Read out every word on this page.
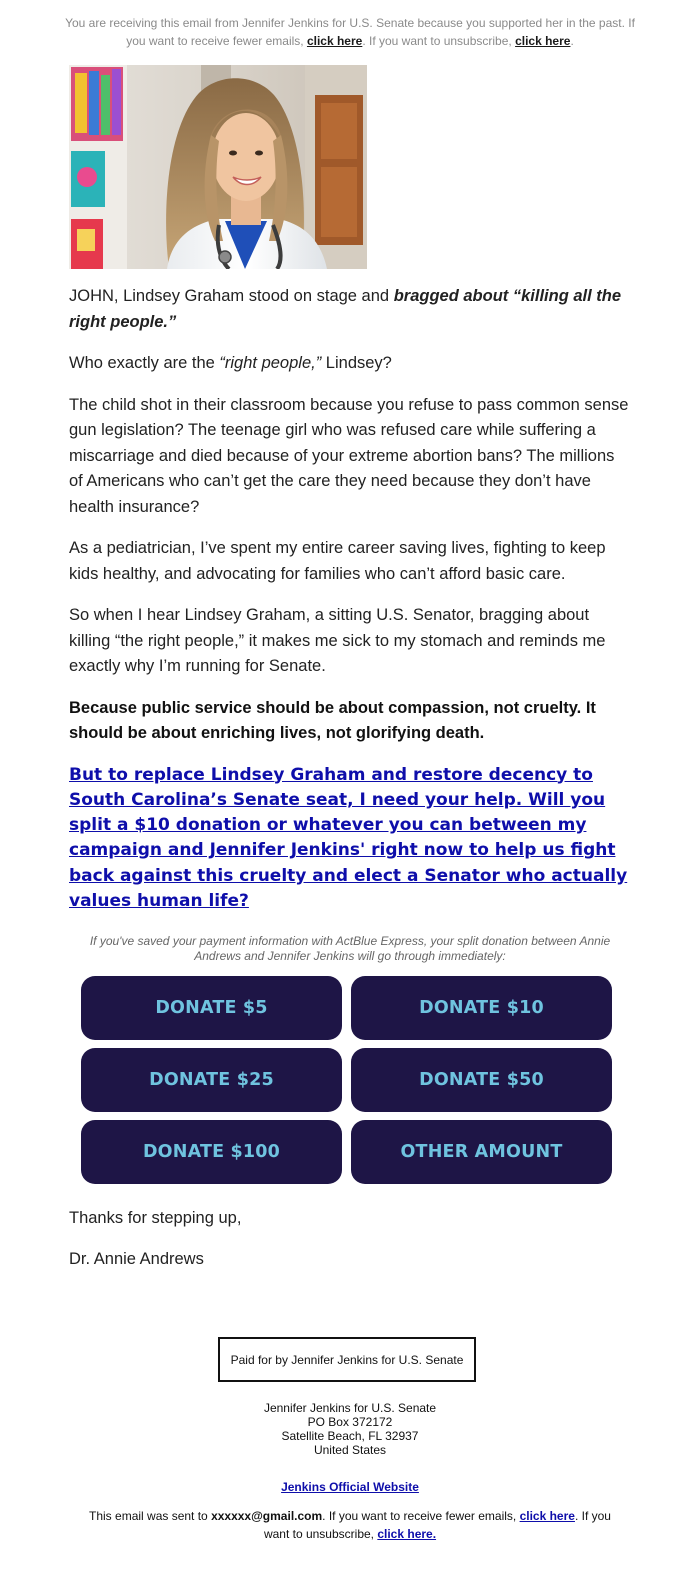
You are receiving this email from Jennifer Jenkins for U.S. Senate because you supported her in the past. If you want to receive fewer emails, click here. If you want to unsubscribe, click here.

JOHN, Lindsey Graham stood on stage and bragged about “killing all the right people.”

Who exactly are the “right people,” Lindsey?

The child shot in their classroom because you refuse to pass common sense gun legislation? The teenage girl who was refused care while suffering a miscarriage and died because of your extreme abortion bans? The millions of Americans who can’t get the care they need because they don’t have health insurance?

As a pediatrician, I’ve spent my entire career saving lives, fighting to keep kids healthy, and advocating for families who can’t afford basic care.

So when I hear Lindsey Graham, a sitting U.S. Senator, bragging about killing “the right people,” it makes me sick to my stomach and reminds me exactly why I’m running for Senate.

Because public service should be about compassion, not cruelty. It should be about enriching lives, not glorifying death.

But to replace Lindsey Graham and restore decency to South Carolina’s Senate seat, I need your help. Will you split a $10 donation or whatever you can between my campaign and Jennifer Jenkins' right now to help us fight back against this cruelty and elect a Senator who actually values human life?
If you've saved your payment information with ActBlue Express, your split donation between Annie Andrews and Jennifer Jenkins will go through immediately:
DONATE $5	DONATE $10
DONATE $25	DONATE $50
DONATE $100	OTHER AMOUNT

Thanks for stepping up,

Dr. Annie Andrews

Paid for by Jennifer Jenkins for U.S. Senate
Jennifer Jenkins for U.S. Senate
PO Box 372172
Satellite Beach, FL 32937
United States
Jenkins Official Website
This email was sent to xxxxxx@gmail.com. If you want to receive fewer emails, click here. If you want to unsubscribe, click here.
